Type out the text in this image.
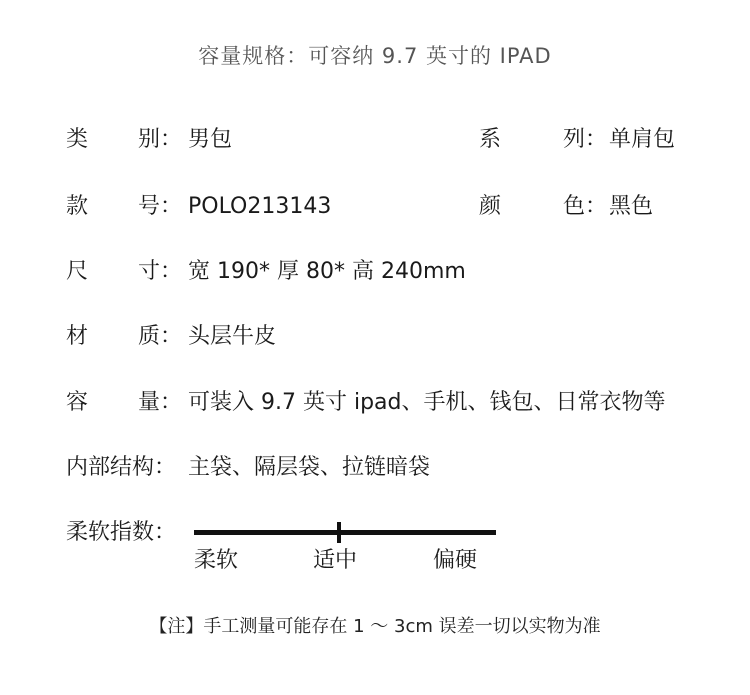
容量规格：可容纳 9.7 英寸的 IPAD
类 别： 男包	系	列： 单肩包
款 号： POLO213143	颜	色： 黑色
尺 寸： 宽 190* 厚 80* 高 240mm
材 质： 头层牛皮
容 量： 可装入 9.7 英寸 ipad、手机、钱包、日常衣物等
内部结构： 主袋、隔层袋、拉链暗袋
柔软指数：
柔软	适中	偏硬
【注】手工测量可能存在 1 ～ 3cm 误差一切以实物为准
